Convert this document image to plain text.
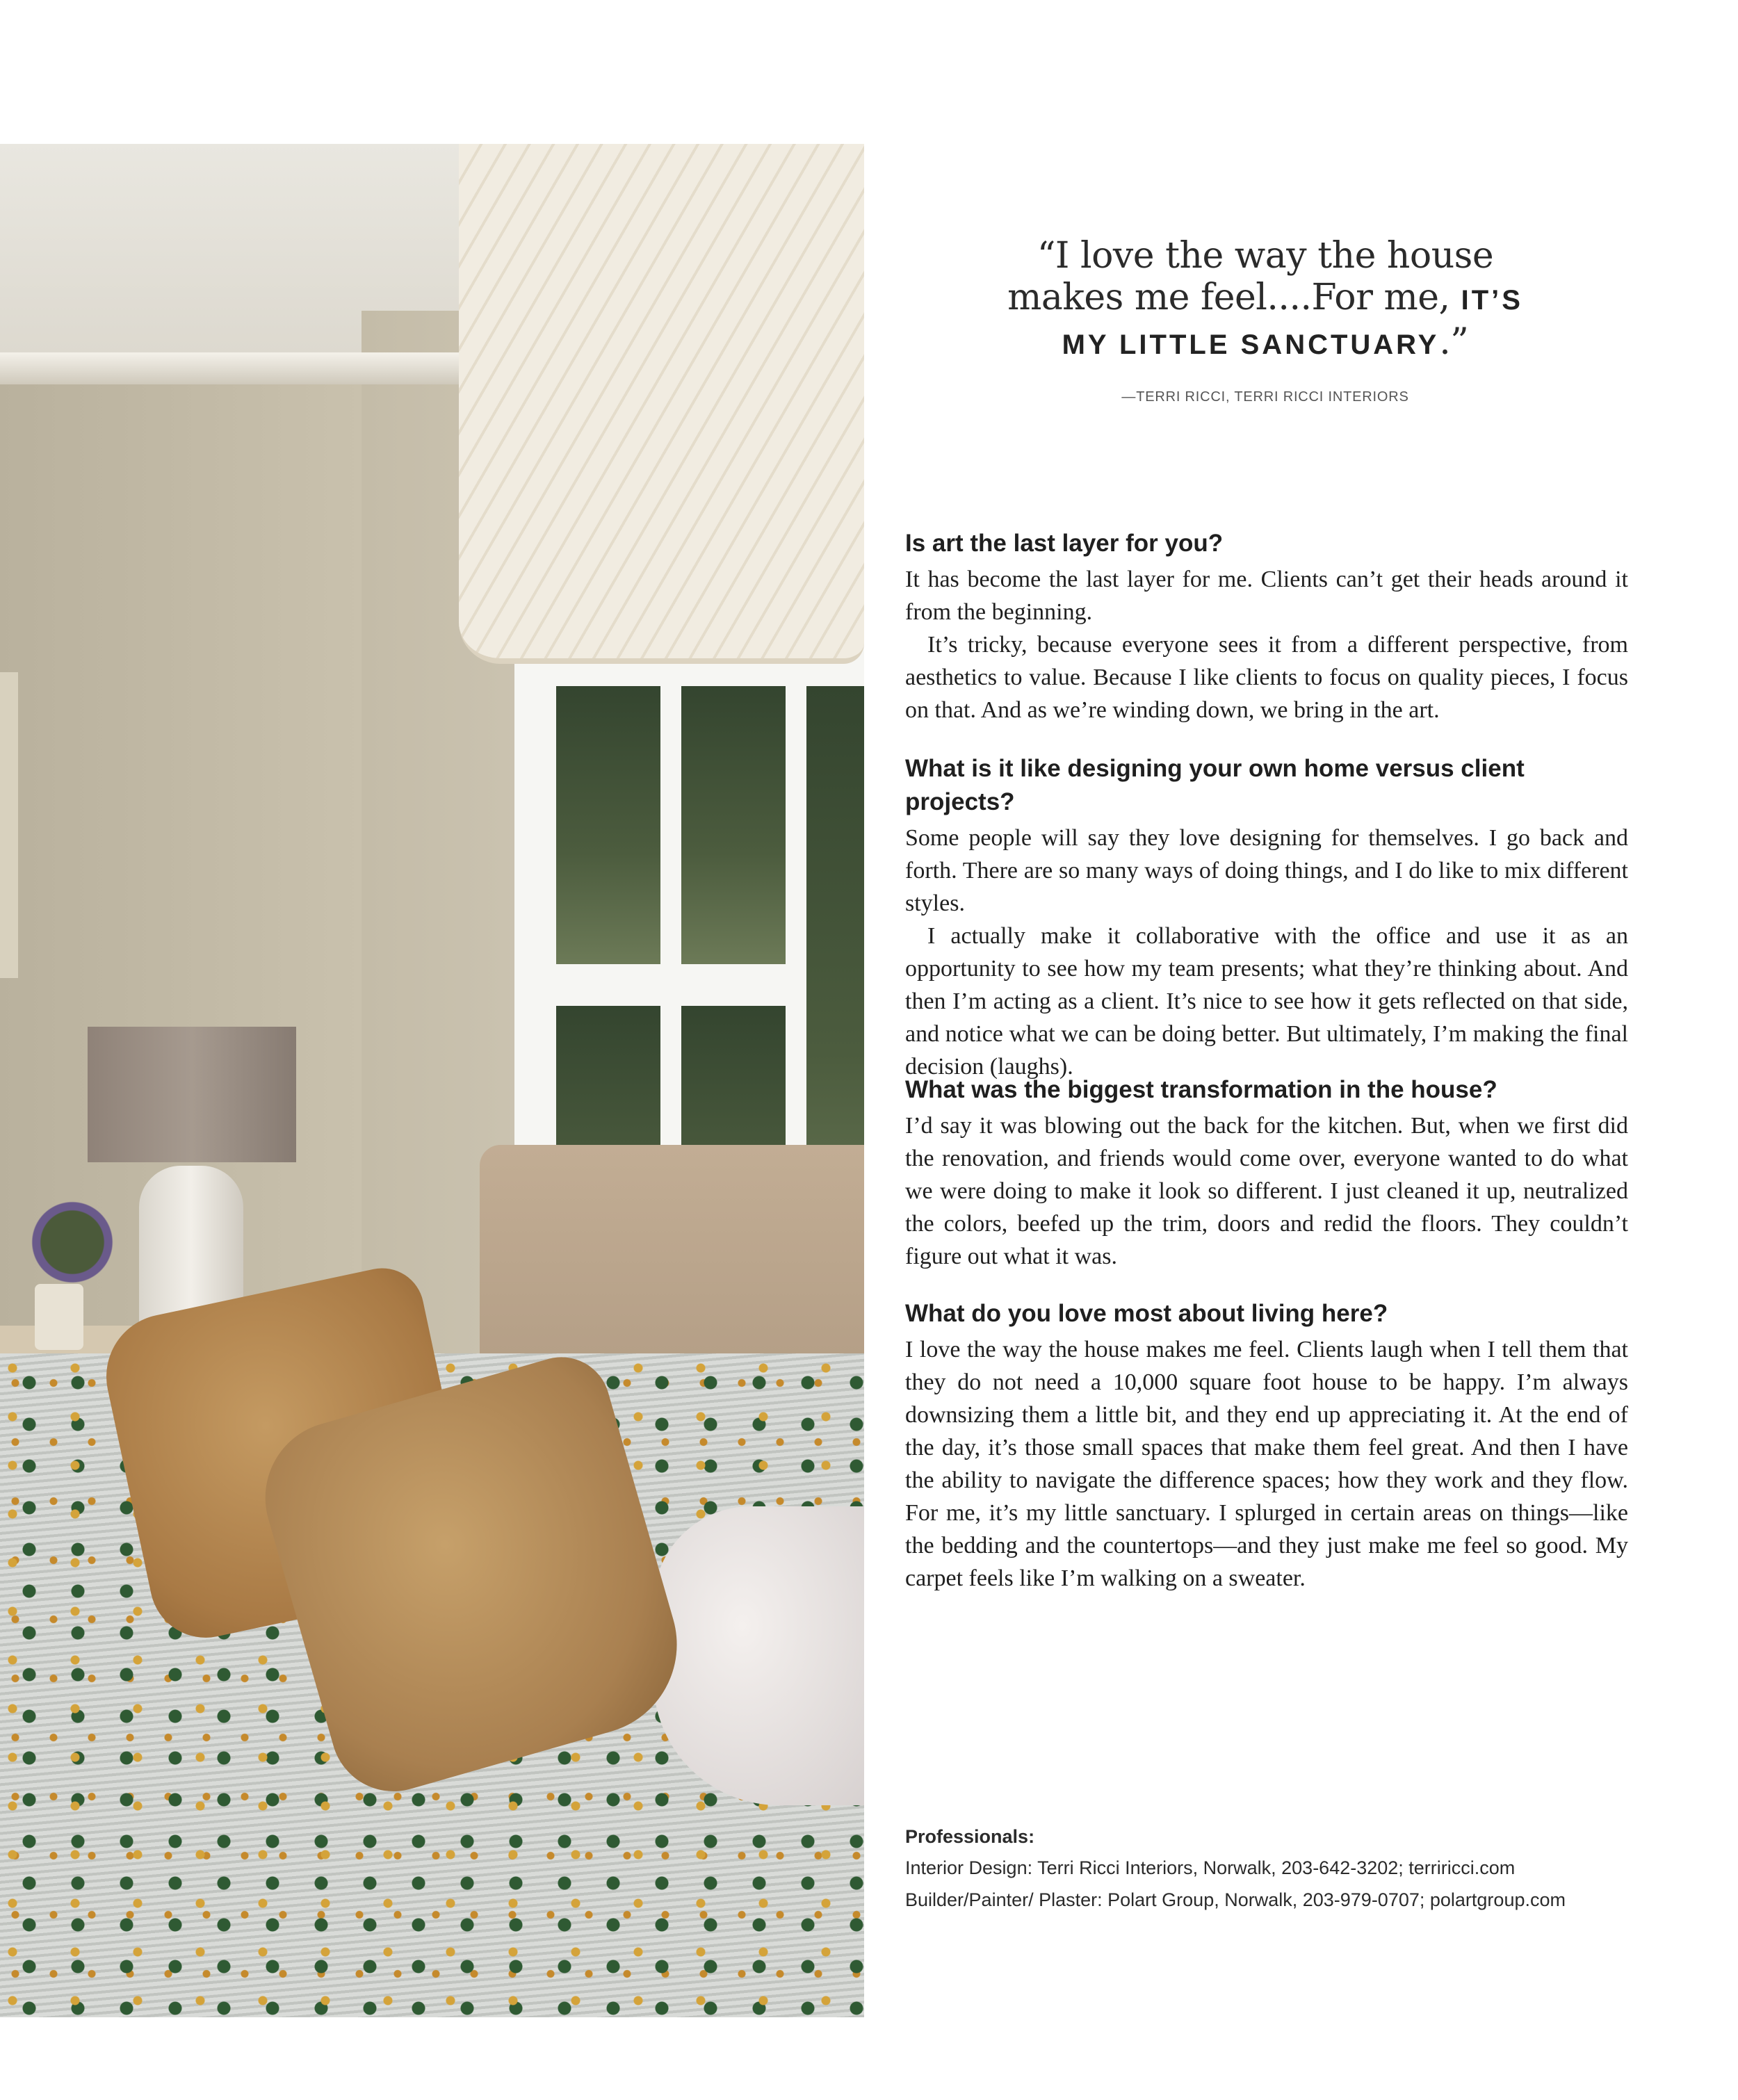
“I love the way the house
makes me feel....For me, IT’S
MY LITTLE SANCTUARY.”
—TERRI RICCI, TERRI RICCI INTERIORS
Is art the last layer for you?

It has become the last layer for me. Clients can’t get their heads around it from the beginning.

It’s tricky, because everyone sees it from a different perspective, from aesthetics to value. Because I like clients to focus on quality pieces, I focus on that. And as we’re winding down, we bring in the art.

What is it like designing your own home versus client projects?

Some people will say they love designing for themselves. I go back and forth. There are so many ways of doing things, and I do like to mix different styles.

I actually make it collaborative with the office and use it as an opportunity to see how my team presents; what they’re thinking about. And then I’m acting as a client. It’s nice to see how it gets reflected on that side, and notice what we can be doing better. But ultimately, I’m making the final decision (laughs).

What was the biggest transformation in the house?

I’d say it was blowing out the back for the kitchen. But, when we first did the renovation, and friends would come over, everyone wanted to do what we were doing to make it look so different. I just cleaned it up, neutralized the colors, beefed up the trim, doors and redid the floors. They couldn’t figure out what it was.

What do you love most about living here?

I love the way the house makes me feel. Clients laugh when I tell them that they do not need a 10,000 square foot house to be happy. I’m always downsizing them a little bit, and they end up appreciating it. At the end of the day, it’s those small spaces that make them feel great. And then I have the ability to navigate the difference spaces; how they work and they flow. For me, it’s my little sanctuary. I splurged in certain areas on things—like the bedding and the countertops—and they just make me feel so good. My carpet feels like I’m walking on a sweater.

Professionals:
Interior Design: Terri Ricci Interiors, Norwalk, 203-642-3202; terriricci.com
Builder/Painter/ Plaster: Polart Group, Norwalk, 203-979-0707; polartgroup.com
